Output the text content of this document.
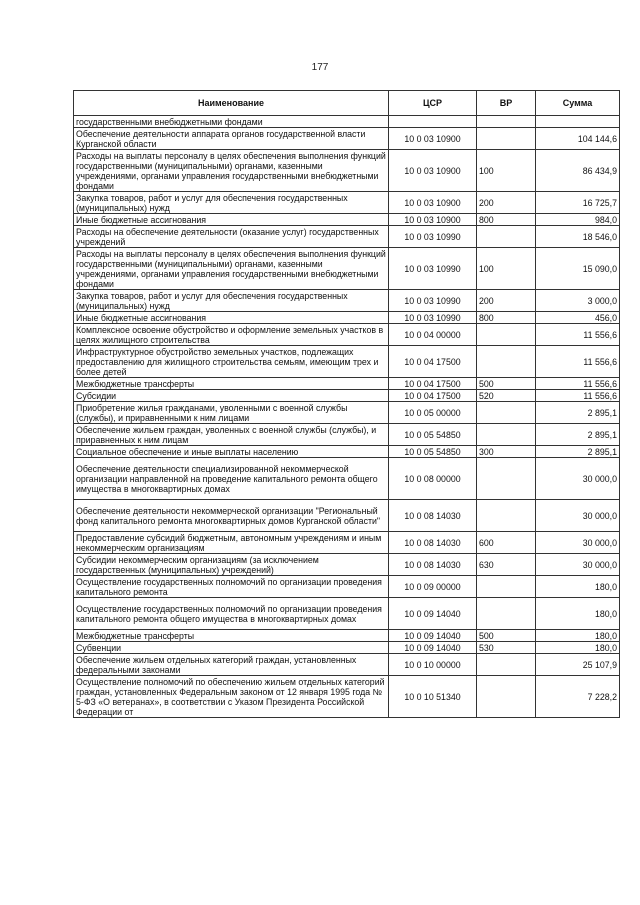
177
Наименование	ЦСР	ВР	Сумма
государственными внебюджетными фондами			
Обеспечение деятельности аппарата органов государственной власти Курганской области	10 0 03 10900		104 144,6
Расходы на выплаты персоналу в целях обеспечения выполнения функций государственными (муниципальными) органами, казенными учреждениями, органами управления государственными внебюджетными фондами	10 0 03 10900	100	86 434,9
Закупка товаров, работ и услуг для обеспечения государственных (муниципальных) нужд	10 0 03 10900	200	16 725,7
Иные бюджетные ассигнования	10 0 03 10900	800	984,0
Расходы на обеспечение деятельности (оказание услуг) государственных учреждений	10 0 03 10990		18 546,0
Расходы на выплаты персоналу в целях обеспечения выполнения функций государственными (муниципальными) органами, казенными учреждениями, органами управления государственными внебюджетными фондами	10 0 03 10990	100	15 090,0
Закупка товаров, работ и услуг для обеспечения государственных (муниципальных) нужд	10 0 03 10990	200	3 000,0
Иные бюджетные ассигнования	10 0 03 10990	800	456,0
Комплексное освоение обустройство и оформление земельных участков в целях жилищного строительства	10 0 04 00000		11 556,6
Инфраструктурное обустройство земельных участков, подлежащих предоставлению для жилищного строительства семьям, имеющим трех и более детей	10 0 04 17500		11 556,6
Межбюджетные трансферты	10 0 04 17500	500	11 556,6
Субсидии	10 0 04 17500	520	11 556,6
Приобретение жилья гражданами, уволенными с военной службы (службы), и приравненными к ним лицами	10 0 05 00000		2 895,1
Обеспечение жильем граждан, уволенных с военной службы (службы), и приравненных к ним лицам	10 0 05 54850		2 895,1
Социальное обеспечение и иные выплаты населению	10 0 05 54850	300	2 895,1
Обеспечение деятельности специализированной некоммерческой организации направленной на проведение капитального ремонта общего имущества в многоквартирных домах	10 0 08 00000		30 000,0
Обеспечение деятельности некоммерческой организации "Региональный фонд капитального ремонта многоквартирных домов Курганской области"	10 0 08 14030		30 000,0
Предоставление субсидий бюджетным, автономным учреждениям и иным некоммерческим организациям	10 0 08 14030	600	30 000,0
Субсидии некоммерческим организациям (за исключением государственных (муниципальных) учреждений)	10 0 08 14030	630	30 000,0
Осуществление государственных полномочий по организации проведения капитального ремонта	10 0 09 00000		180,0
Осуществление государственных полномочий по организации проведения капитального ремонта общего имущества в многоквартирных домах	10 0 09 14040		180,0
Межбюджетные трансферты	10 0 09 14040	500	180,0
Субвенции	10 0 09 14040	530	180,0
Обеспечение жильем отдельных категорий граждан, установленных федеральными законами	10 0 10 00000		25 107,9
Осуществление полномочий по обеспечению жильем отдельных категорий граждан, установленных Федеральным законом от 12 января 1995 года № 5-ФЗ «О ветеранах», в соответствии с Указом Президента Российской Федерации от	10 0 10 51340		7 228,2
